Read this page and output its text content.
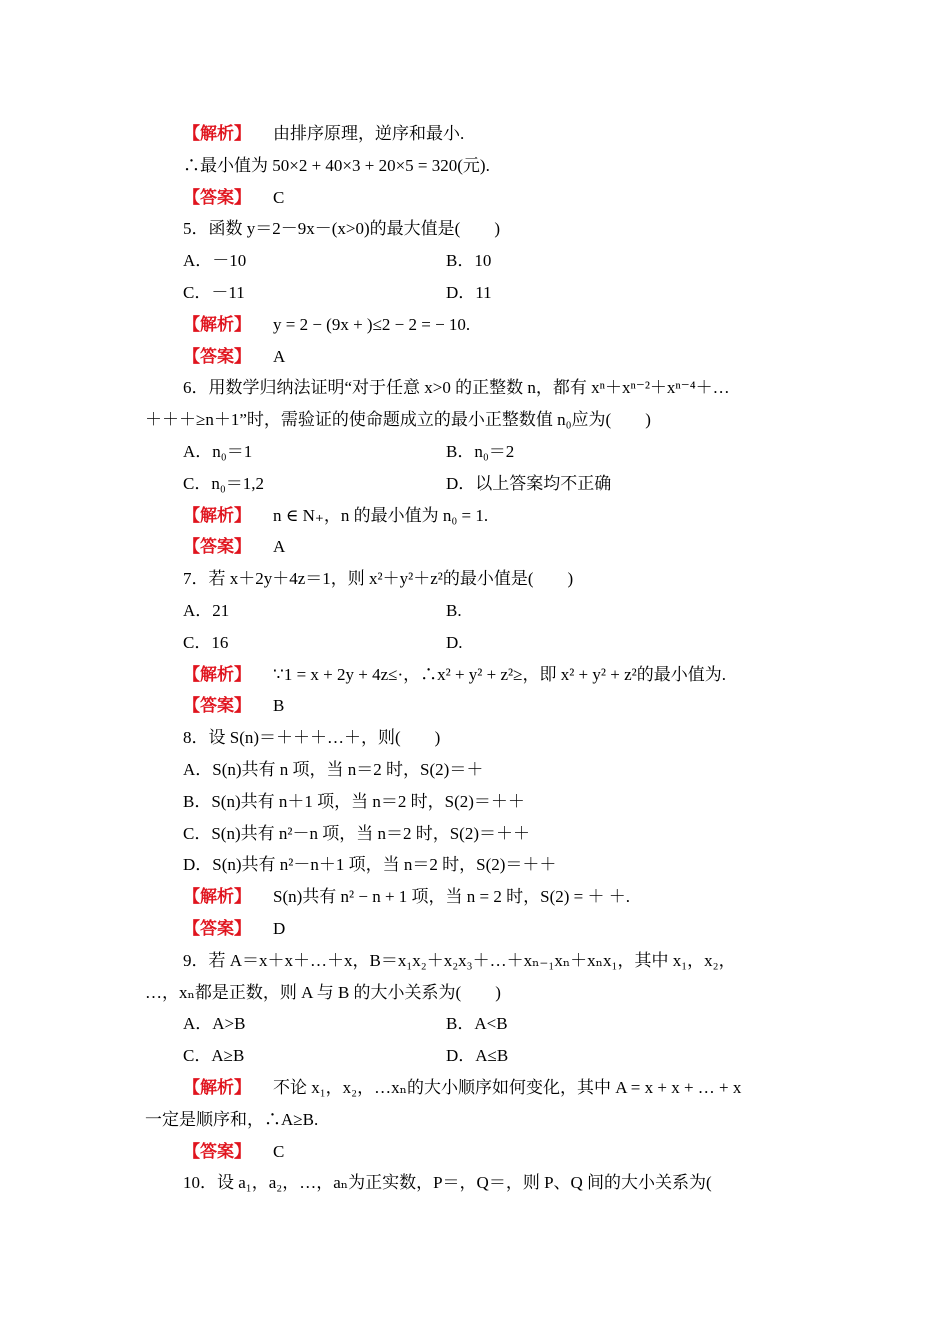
【解析】 由排序原理，逆序和最小.
∴最小值为 50×2 + 40×3 + 20×5 = 320(元).
【答案】 C
5．函数 y＝2－9x－(x>0)的最大值是(　　)
A．－10	B．10
C．－11	D．11
【解析】 y = 2 − (9x + )≤2 − 2 = − 10.
【答案】 A
6．用数学归纳法证明“对于任意 x>0 的正整数 n，都有 xⁿ＋xⁿ⁻²＋xⁿ⁻⁴＋…
＋＋＋≥n＋1”时，需验证的使命题成立的最小正整数值 n₀应为(　　)
A．n₀＝1	B．n₀＝2
C．n₀＝1,2	D．以上答案均不正确
【解析】 n ∈ N₊，n 的最小值为 n₀ = 1.
【答案】 A
7．若 x＋2y＋4z＝1，则 x²＋y²＋z²的最小值是(　　)
A．21	B.
C．16	D.
【解析】 ∵1 = x + 2y + 4z≤·，∴x² + y² + z²≥，即 x² + y² + z²的最小值为.
【答案】 B
8．设 S(n)＝＋＋＋…＋，则(　　)
A．S(n)共有 n 项，当 n＝2 时，S(2)＝＋
B．S(n)共有 n＋1 项，当 n＝2 时，S(2)＝＋＋
C．S(n)共有 n²－n 项，当 n＝2 时，S(2)＝＋＋
D．S(n)共有 n²－n＋1 项，当 n＝2 时，S(2)＝＋＋
【解析】 S(n)共有 n² − n + 1 项，当 n = 2 时，S(2) = ＋ ＋.
【答案】 D
9．若 A＝x＋x＋…＋x，B＝x₁x₂＋x₂x₃＋…＋xₙ₋₁xₙ＋xₙx₁，其中 x₁，x₂，
…，xₙ都是正数，则 A 与 B 的大小关系为(　　)
A．A>B	B．A<B
C．A≥B	D．A≤B
【解析】 不论 x₁，x₂，…xₙ的大小顺序如何变化，其中 A = x + x + … + x
一定是顺序和，∴A≥B.
【答案】 C
10．设 a₁，a₂，…，aₙ为正实数，P＝，Q＝，则 P、Q 间的大小关系为(
